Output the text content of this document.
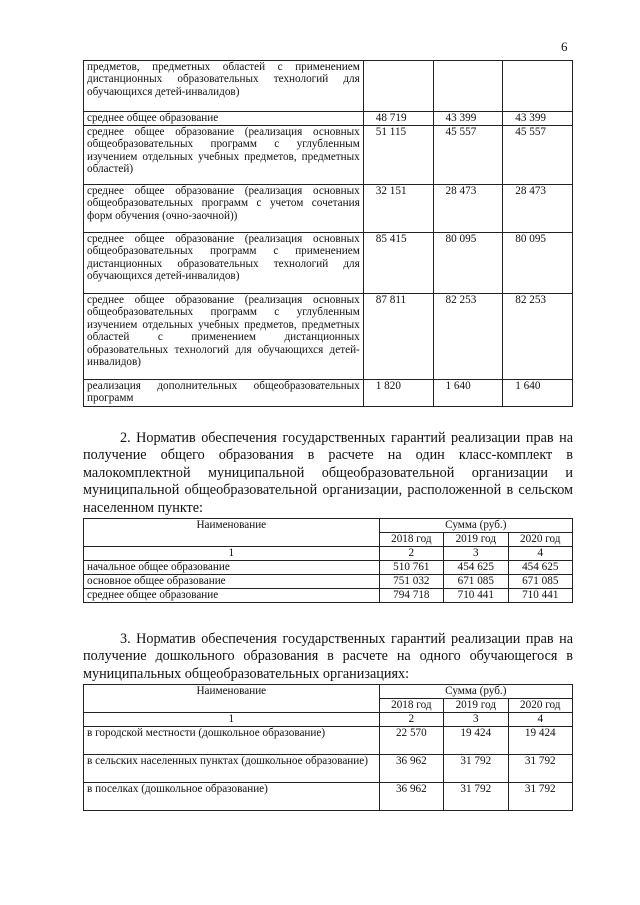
6
предметов, предметных областей с применением дистанционных образовательных технологий для обучающихся детей-инвалидов)			
среднее общее образование	48 719	43 399	43 399
среднее общее образование (реализация основных общеобразовательных программ с углубленным изучением отдельных учебных предметов, предметных областей)	51 115	45 557	45 557
среднее общее образование (реализация основных общеобразовательных программ с учетом сочетания форм обучения (очно-заочной))	32 151	28 473	28 473
среднее общее образование (реализация основных общеобразовательных программ с применением дистанционных образовательных технологий для обучающихся детей-инвалидов)	85 415	80 095	80 095
среднее общее образование (реализация основных общеобразовательных программ с углубленным изучением отдельных учебных предметов, предметных областей с применением дистанционных образовательных технологий для обучающихся детей-инвалидов)	87 811	82 253	82 253
реализация дополнительных общеобразовательных программ	1 820	1 640	1 640

2. Норматив обеспечения государственных гарантий реализации прав на получение общего образования в расчете на один класс-комплект в малокомплектной муниципальной общеобразовательной организации и муниципальной общеобразовательной организации, расположенной в сельском населенном пункте:

Наименование	Сумма (руб.)		
	2018 год	2019 год	2020 год
1	2	3	4
начальное общее образование	510 761	454 625	454 625
основное общее образование	751 032	671 085	671 085
среднее общее образование	794 718	710 441	710 441

3. Норматив обеспечения государственных гарантий реализации прав на получение дошкольного образования в расчете на одного обучающегося в муниципальных общеобразовательных организациях:

Наименование	Сумма (руб.)		
	2018 год	2019 год	2020 год
1	2	3	4
в городской местности (дошкольное образование)	22 570	19 424	19 424
в сельских населенных пунктах (дошкольное образование)	36 962	31 792	31 792
в поселках (дошкольное образование)	36 962	31 792	31 792
